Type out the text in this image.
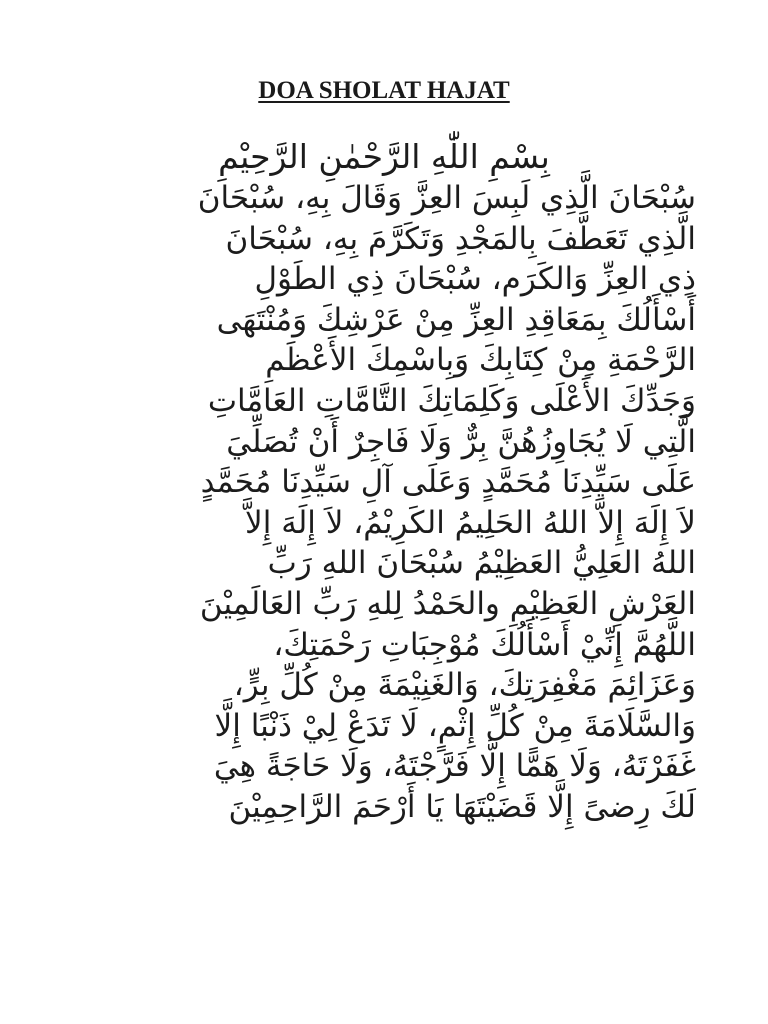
DOA SHOLAT HAJAT
بِسْمِ اللّٰهِ الرَّحْمٰنِ الرَّحِيْمِ
سُبْحَانَ الَّذِي لَبِسَ العِزَّ وَقَالَ بِهِ، سُبْحَانَ
الَّذِي تَعَطَّفَ بِالمَجْدِ وَتَكَرَّمَ بِهِ، سُبْحَانَ
ذِي العِزِّ وَالكَرَم، سُبْحَانَ ذِي الطَوْلِ
أَسْأَلُكَ بِمَعَاقِدِ العِزِّ مِنْ عَرْشِكَ وَمُنْتَهَى
الرَّحْمَةِ مِنْ كِتَابِكَ وَبِاسْمِكَ الأَعْظَمِ
وَجَدِّكَ الأَعْلَى وَكَلِمَاتِكَ التَّامَّاتِ العَامَّاتِ
الَّتِي لَا يُجَاوِزُهُنَّ بِرٌّ وَلَا فَاجِرٌ أَنْ تُصَلِّيَ
عَلَى سَيِّدِنَا مُحَمَّدٍ وَعَلَى آلِ سَيِّدِنَا مُحَمَّدٍ
لاَ إِلَهَ إِلاَّ اللهُ الحَلِيمُ الكَرِيْمُ، لاَ إِلَهَ إِلاَّ
اللهُ العَلِيُّ العَظِيْمُ سُبْحَانَ اللهِ رَبِّ
العَرْشِ العَظِيْمِ والحَمْدُ لِلهِ رَبِّ العَالَمِيْنَ
اللَّهُمَّ إِنِّيْ أَسْأَلُكَ مُوْجِبَاتِ رَحْمَتِكَ،
وَعَزَائِمَ مَغْفِرَتِكَ، وَالغَنِيْمَةَ مِنْ كُلِّ بِرٍّ،
وَالسَّلَامَةَ مِنْ كُلِّ إِثْمٍ، لَا تَدَعْ لِيْ ذَنْبًا إِلَّا
غَفَرْتَهُ، وَلَا هَمًّا إِلَّا فَرَّجْتَهُ، وَلَا حَاجَةً هِيَ
لَكَ رِضىً إِلَّا قَضَيْتَهَا يَا أَرْحَمَ الرَّاحِمِيْنَ
